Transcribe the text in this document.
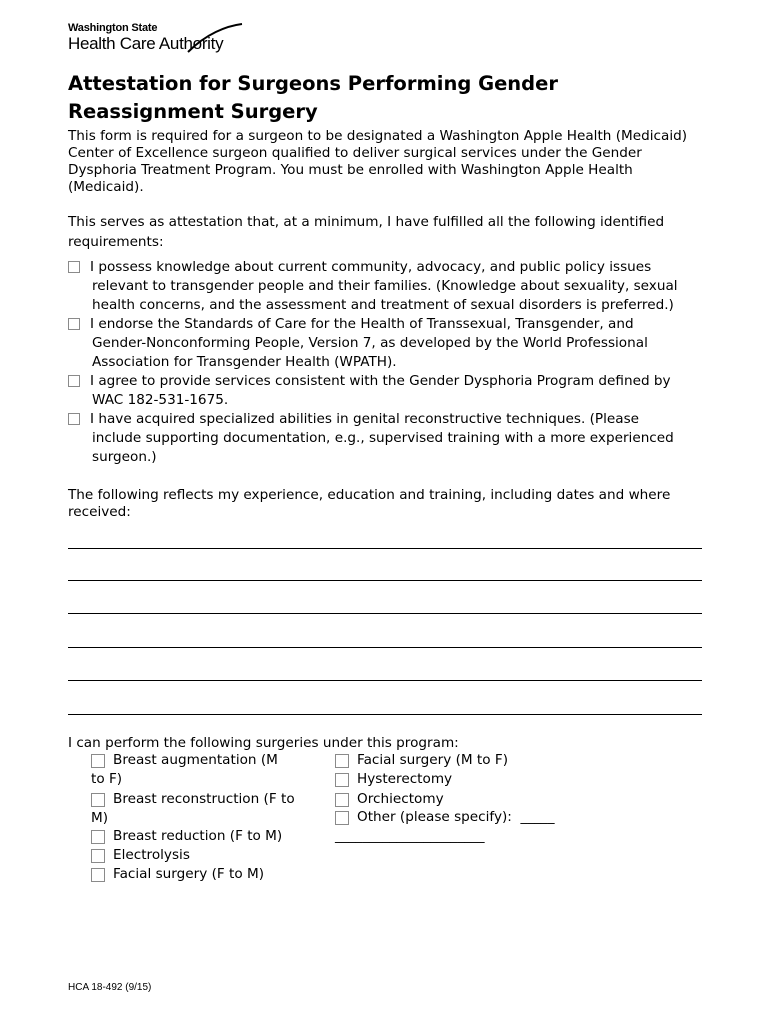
Washington State
Health Care Authority
Attestation for Surgeons Performing Gender Reassignment Surgery

This form is required for a surgeon to be designated a Washington Apple Health (Medicaid) Center of Excellence surgeon qualified to deliver surgical services under the Gender Dysphoria Treatment Program. You must be enrolled with Washington Apple Health (Medicaid).

This serves as attestation that, at a minimum, I have fulfilled all the following identified requirements:

I possess knowledge about current community, advocacy, and public policy issues
relevant to transgender people and their families. (Knowledge about sexuality, sexual
health concerns, and the assessment and treatment of sexual disorders is preferred.)
I endorse the Standards of Care for the Health of Transsexual, Transgender, and
Gender-Nonconforming People, Version 7, as developed by the World Professional
Association for Transgender Health (WPATH).
I agree to provide services consistent with the Gender Dysphoria Program defined by
WAC 182-531-1675.
I have acquired specialized abilities in genital reconstructive techniques. (Please
include supporting documentation, e.g., supervised training with a more experienced
surgeon.)

The following reflects my experience, education and training, including dates and where received:

I can perform the following surgeries under this program:

Breast augmentation (M
to F)
Breast reconstruction (F to
M)
Breast reduction (F to M)
Electrolysis
Facial surgery (F to M)
Facial surgery (M to F)
Hysterectomy
Orchiectomy
Other (please specify):  _____
______________________
HCA 18-492 (9/15)
